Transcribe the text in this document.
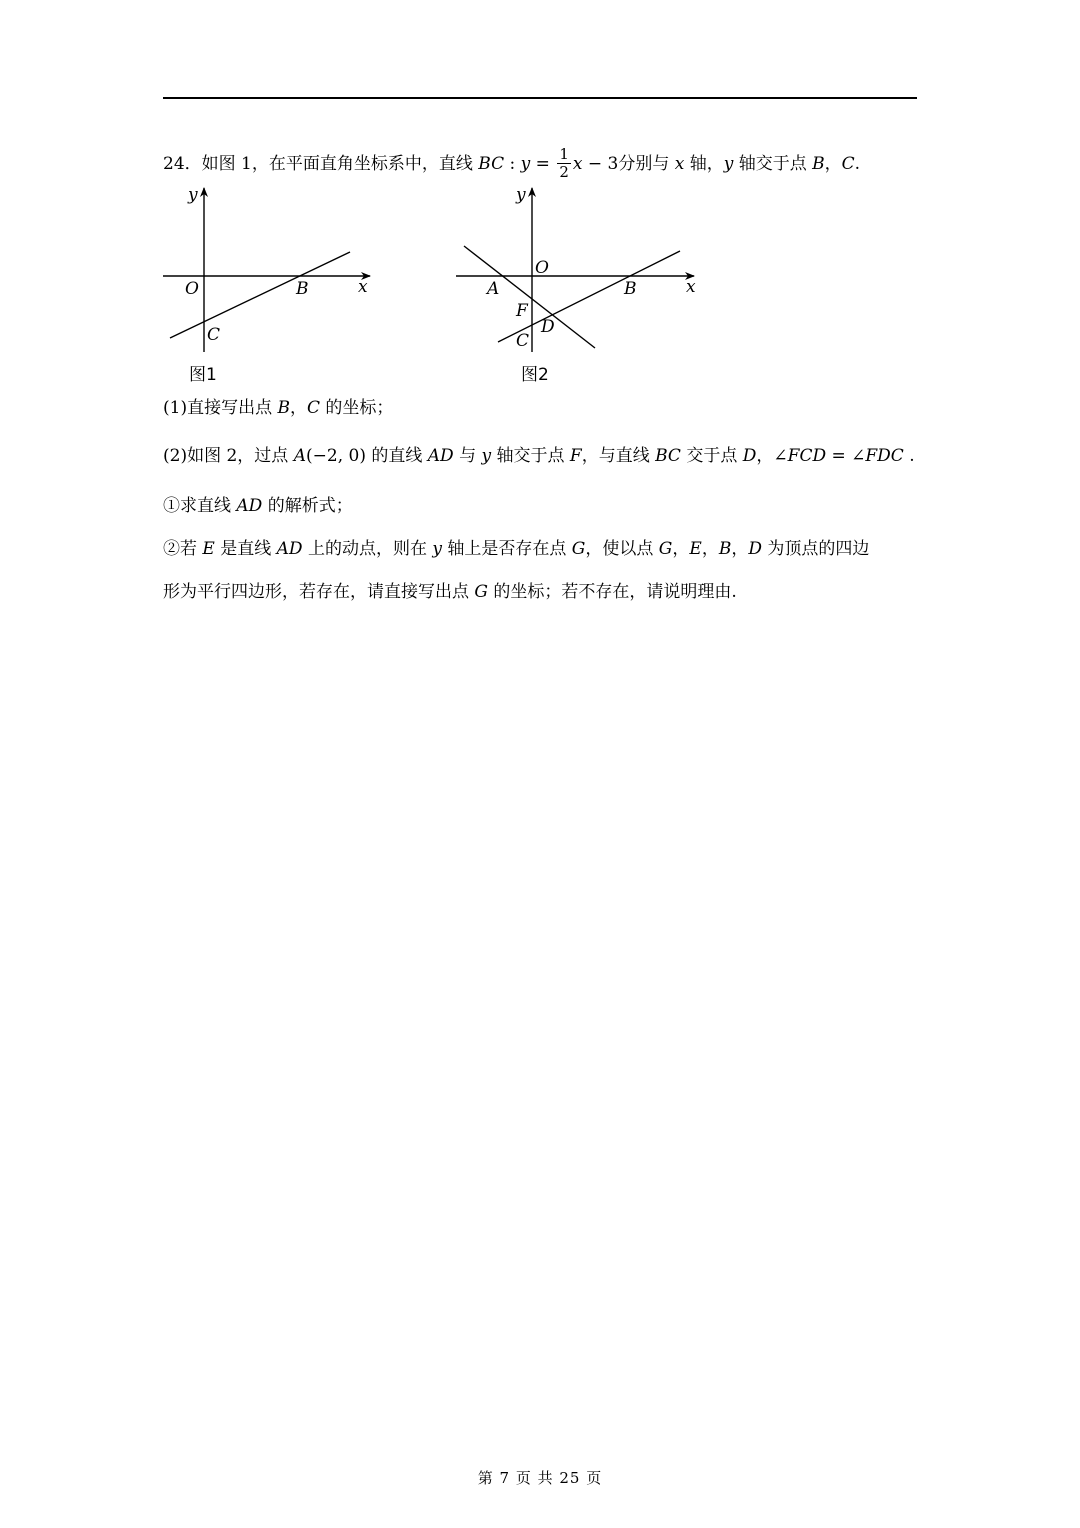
24．如图 1，在平面直角坐标系中，直线 BC : $y = \frac{1}{2}$ x − 3分别与 x 轴，y 轴交于点 B，C.
y
x
O	B
C
图1
y
x
O
A	B
F
D
C
图2
(1)直接写出点 B，C 的坐标；
(2)如图 2，过点 A(−2, 0) 的直线 AD 与 y 轴交于点 F，与直线 BC 交于点 D，∠FCD = ∠FDC .
①求直线 AD 的解析式；
②若 E 是直线 AD 上的动点，则在 y 轴上是否存在点 G，使以点 G，E，B，D 为顶点的四边
形为平行四边形，若存在，请直接写出点 G 的坐标；若不存在，请说明理由.
第 7 页 共 25 页
